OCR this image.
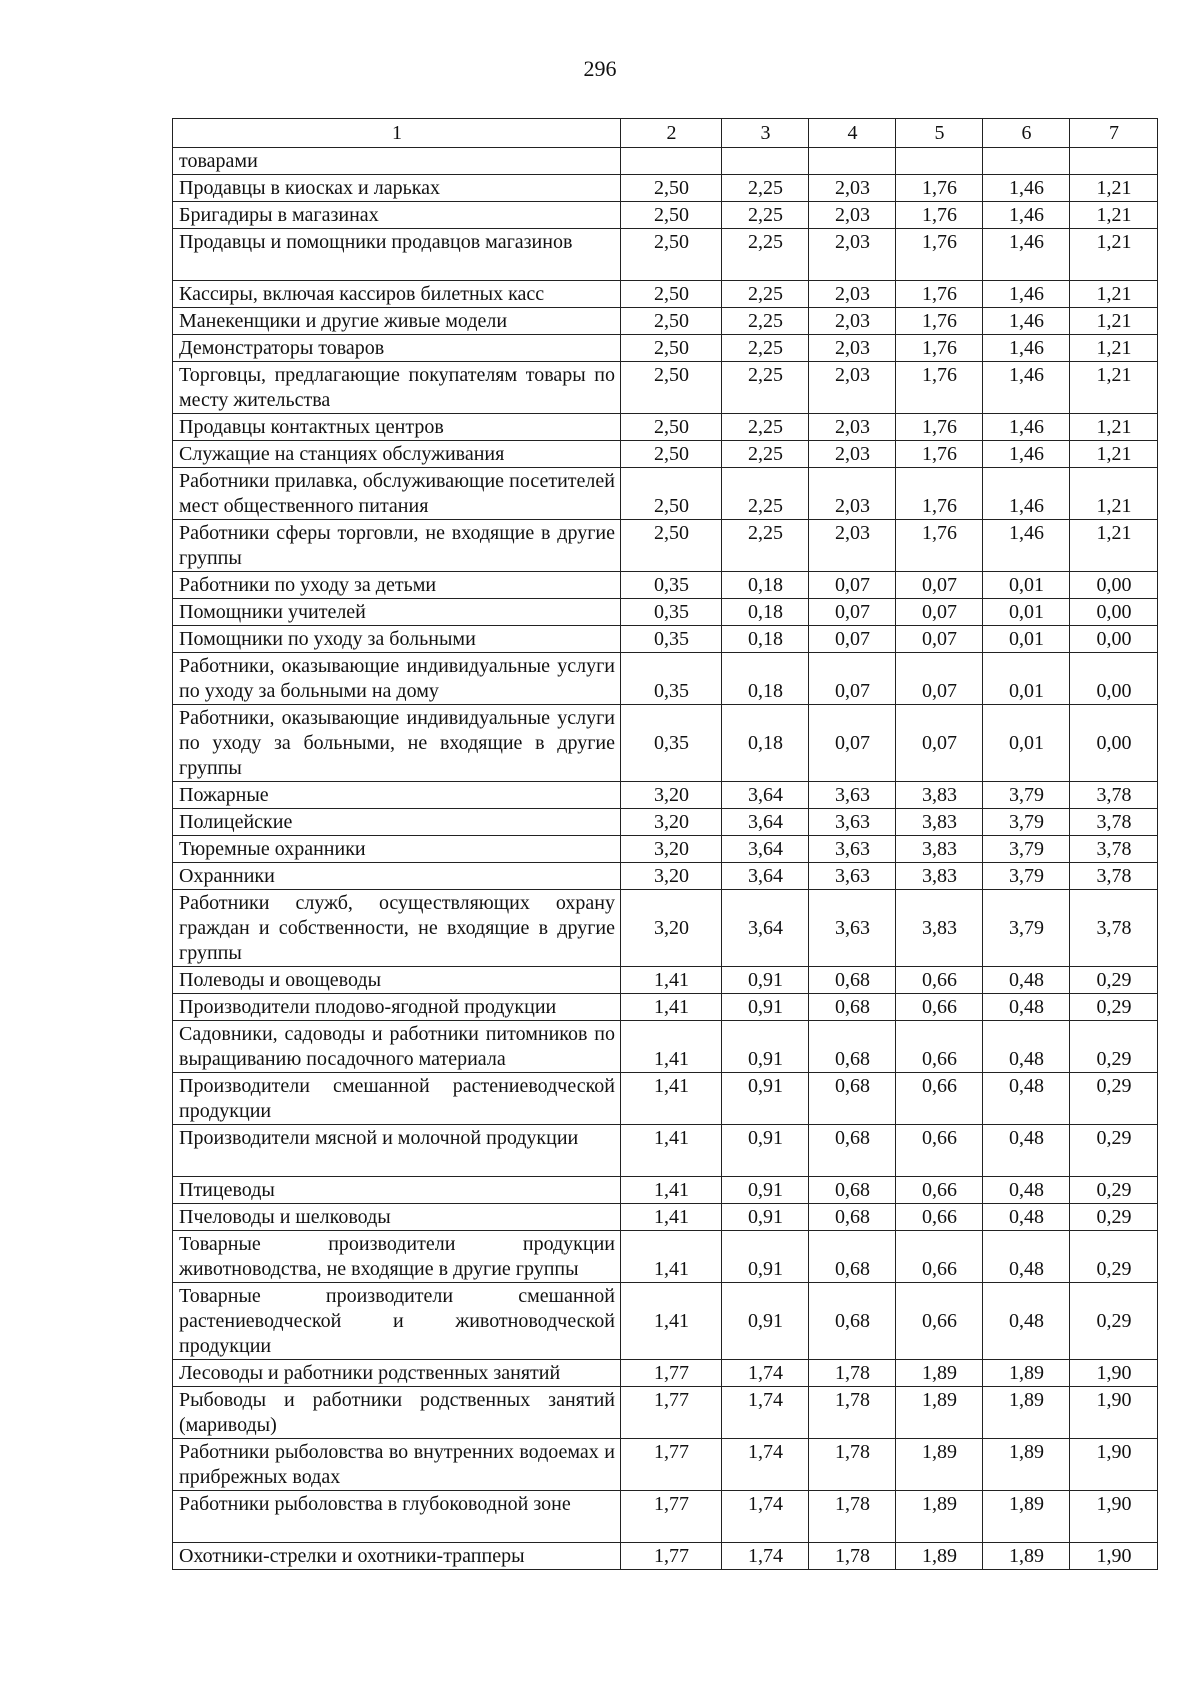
296
1	2	3	4	5	6	7
товарами						
Продавцы в киосках и ларьках	2,50	2,25	2,03	1,76	1,46	1,21
Бригадиры в магазинах	2,50	2,25	2,03	1,76	1,46	1,21
Продавцы и помощники продавцов магазинов	2,50	2,25	2,03	1,76	1,46	1,21
Кассиры, включая кассиров билетных касс	2,50	2,25	2,03	1,76	1,46	1,21
Манекенщики и другие живые модели	2,50	2,25	2,03	1,76	1,46	1,21
Демонстраторы товаров	2,50	2,25	2,03	1,76	1,46	1,21
Торговцы, предлагающие покупателям товары по месту жительства	2,50	2,25	2,03	1,76	1,46	1,21
Продавцы контактных центров	2,50	2,25	2,03	1,76	1,46	1,21
Служащие на станциях обслуживания	2,50	2,25	2,03	1,76	1,46	1,21
Работники прилавка, обслуживающие посетителей мест общественного питания	2,50	2,25	2,03	1,76	1,46	1,21
Работники сферы торговли, не входящие в другие группы	2,50	2,25	2,03	1,76	1,46	1,21
Работники по уходу за детьми	0,35	0,18	0,07	0,07	0,01	0,00
Помощники учителей	0,35	0,18	0,07	0,07	0,01	0,00
Помощники по уходу за больными	0,35	0,18	0,07	0,07	0,01	0,00
Работники, оказывающие индивидуальные услуги по уходу за больными на дому	0,35	0,18	0,07	0,07	0,01	0,00
Работники, оказывающие индивидуальные услуги по уходу за больными, не входящие в другие группы	0,35	0,18	0,07	0,07	0,01	0,00
Пожарные	3,20	3,64	3,63	3,83	3,79	3,78
Полицейские	3,20	3,64	3,63	3,83	3,79	3,78
Тюремные охранники	3,20	3,64	3,63	3,83	3,79	3,78
Охранники	3,20	3,64	3,63	3,83	3,79	3,78
Работники служб, осуществляющих охрану граждан и собственности, не входящие в другие группы	3,20	3,64	3,63	3,83	3,79	3,78
Полеводы и овощеводы	1,41	0,91	0,68	0,66	0,48	0,29
Производители плодово-ягодной продукции	1,41	0,91	0,68	0,66	0,48	0,29
Садовники, садоводы и работники питомников по выращиванию посадочного материала	1,41	0,91	0,68	0,66	0,48	0,29
Производители смешанной растениеводческой продукции	1,41	0,91	0,68	0,66	0,48	0,29
Производители мясной и молочной продукции	1,41	0,91	0,68	0,66	0,48	0,29
Птицеводы	1,41	0,91	0,68	0,66	0,48	0,29
Пчеловоды и шелководы	1,41	0,91	0,68	0,66	0,48	0,29
Товарные производители продукции животноводства, не входящие в другие группы	1,41	0,91	0,68	0,66	0,48	0,29
Товарные производители смешанной растениеводческой и животноводческой продукции	1,41	0,91	0,68	0,66	0,48	0,29
Лесоводы и работники родственных занятий	1,77	1,74	1,78	1,89	1,89	1,90
Рыбоводы и работники родственных занятий (мариводы)	1,77	1,74	1,78	1,89	1,89	1,90
Работники рыболовства во внутренних водоемах и прибрежных водах	1,77	1,74	1,78	1,89	1,89	1,90
Работники рыболовства в глубоководной зоне	1,77	1,74	1,78	1,89	1,89	1,90
Охотники-стрелки и охотники-трапперы	1,77	1,74	1,78	1,89	1,89	1,90
